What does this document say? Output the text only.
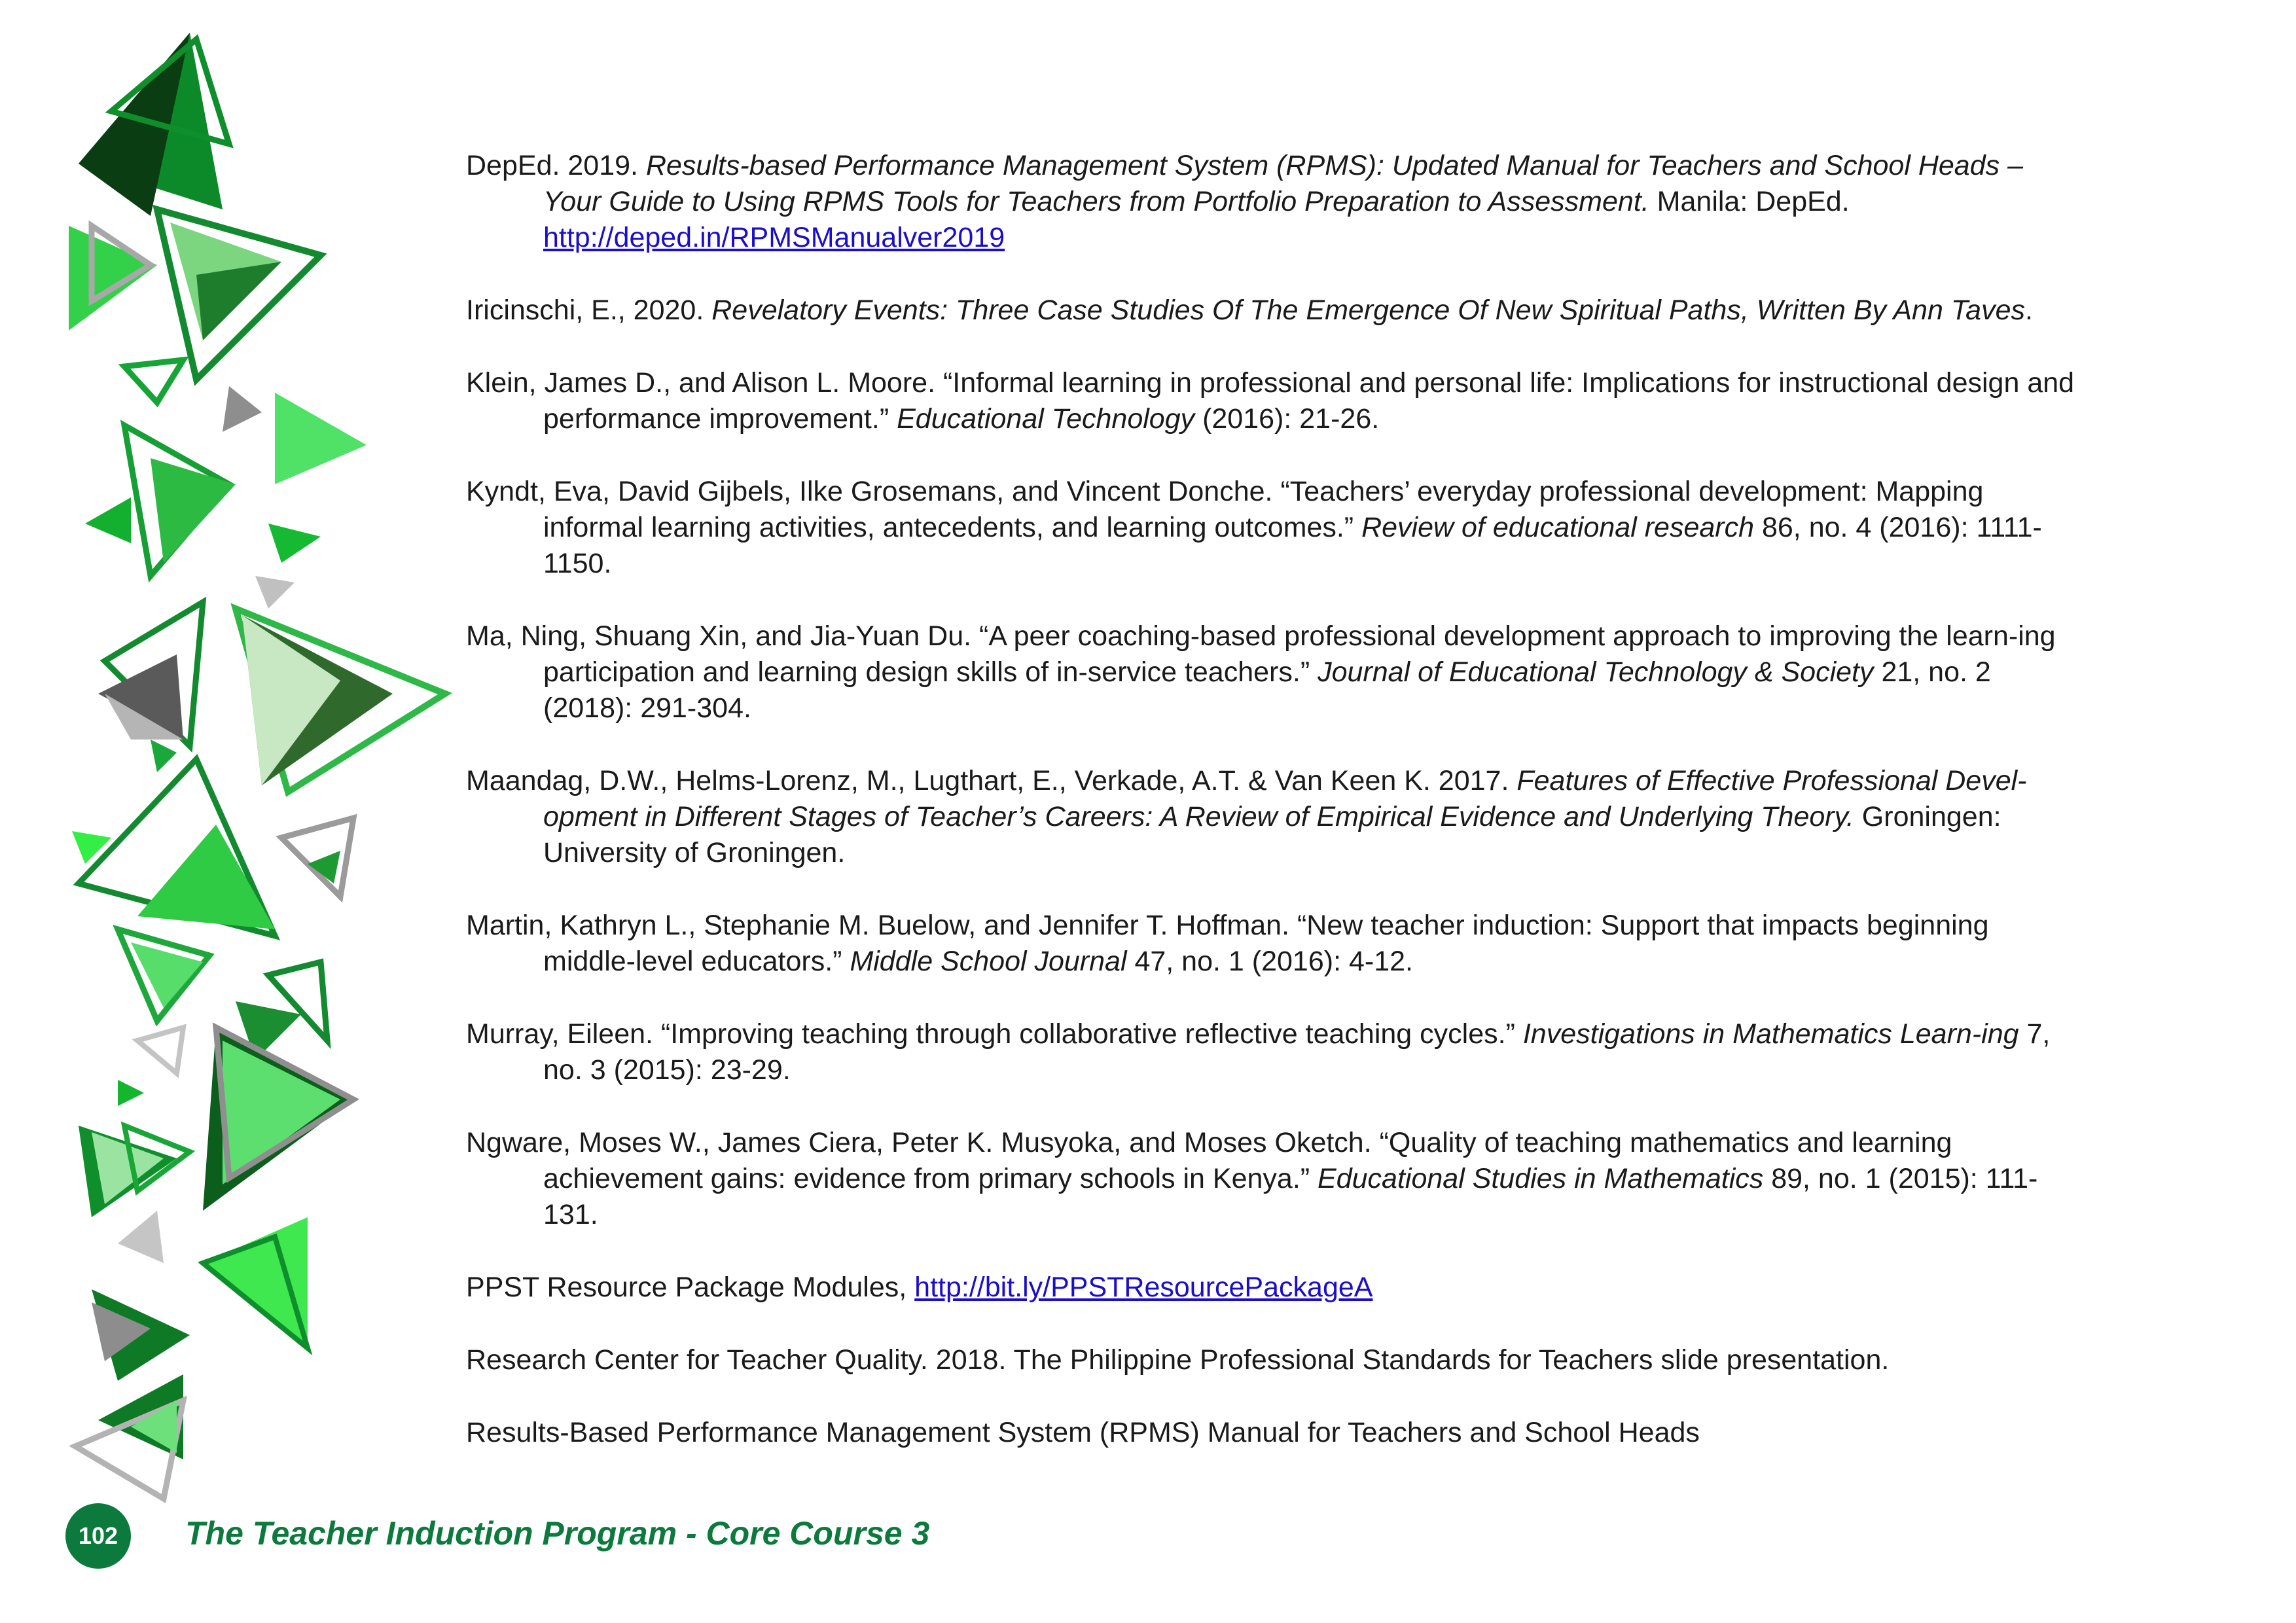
DepEd. 2019. Results-based Performance Management System (RPMS): Updated Manual for Teachers and School Heads – Your Guide to Using RPMS Tools for Teachers from Portfolio Preparation to Assessment. Manila: DepEd. http://deped.in/RPMSManualver2019

Iricinschi, E., 2020. Revelatory Events: Three Case Studies Of The Emergence Of New Spiritual Paths, Written By Ann Taves.

Klein, James D., and Alison L. Moore. “Informal learning in professional and personal life: Implications for instructional design and performance improvement.” Educational Technology (2016): 21-26.

Kyndt, Eva, David Gijbels, Ilke Grosemans, and Vincent Donche. “Teachers’ everyday professional development: Mapping informal learning activities, antecedents, and learning outcomes.” Review of educational research 86, no. 4 (2016): 1111-1150.

Ma, Ning, Shuang Xin, and Jia-Yuan Du. “A peer coaching-based professional development approach to improving the learn-ing participation and learning design skills of in-service teachers.” Journal of Educational Technology & Society 21, no. 2 (2018): 291-304.

Maandag, D.W., Helms-Lorenz, M., Lugthart, E., Verkade, A.T. & Van Keen K. 2017. Features of Effective Professional Devel-opment in Different Stages of Teacher’s Careers: A Review of Empirical Evidence and Underlying Theory. Groningen: University of Groningen.

Martin, Kathryn L., Stephanie M. Buelow, and Jennifer T. Hoffman. “New teacher induction: Support that impacts beginning middle-level educators.” Middle School Journal 47, no. 1 (2016): 4-12.

Murray, Eileen. “Improving teaching through collaborative reflective teaching cycles.” Investigations in Mathematics Learn-ing 7, no. 3 (2015): 23-29.

Ngware, Moses W., James Ciera, Peter K. Musyoka, and Moses Oketch. “Quality of teaching mathematics and learning achievement gains: evidence from primary schools in Kenya.” Educational Studies in Mathematics 89, no. 1 (2015): 111-131.

PPST Resource Package Modules, http://bit.ly/PPSTResourcePackageA

Research Center for Teacher Quality. 2018. The Philippine Professional Standards for Teachers slide presentation.

Results-Based Performance Management System (RPMS) Manual for Teachers and School Heads

102	The Teacher Induction Program - Core Course 3
